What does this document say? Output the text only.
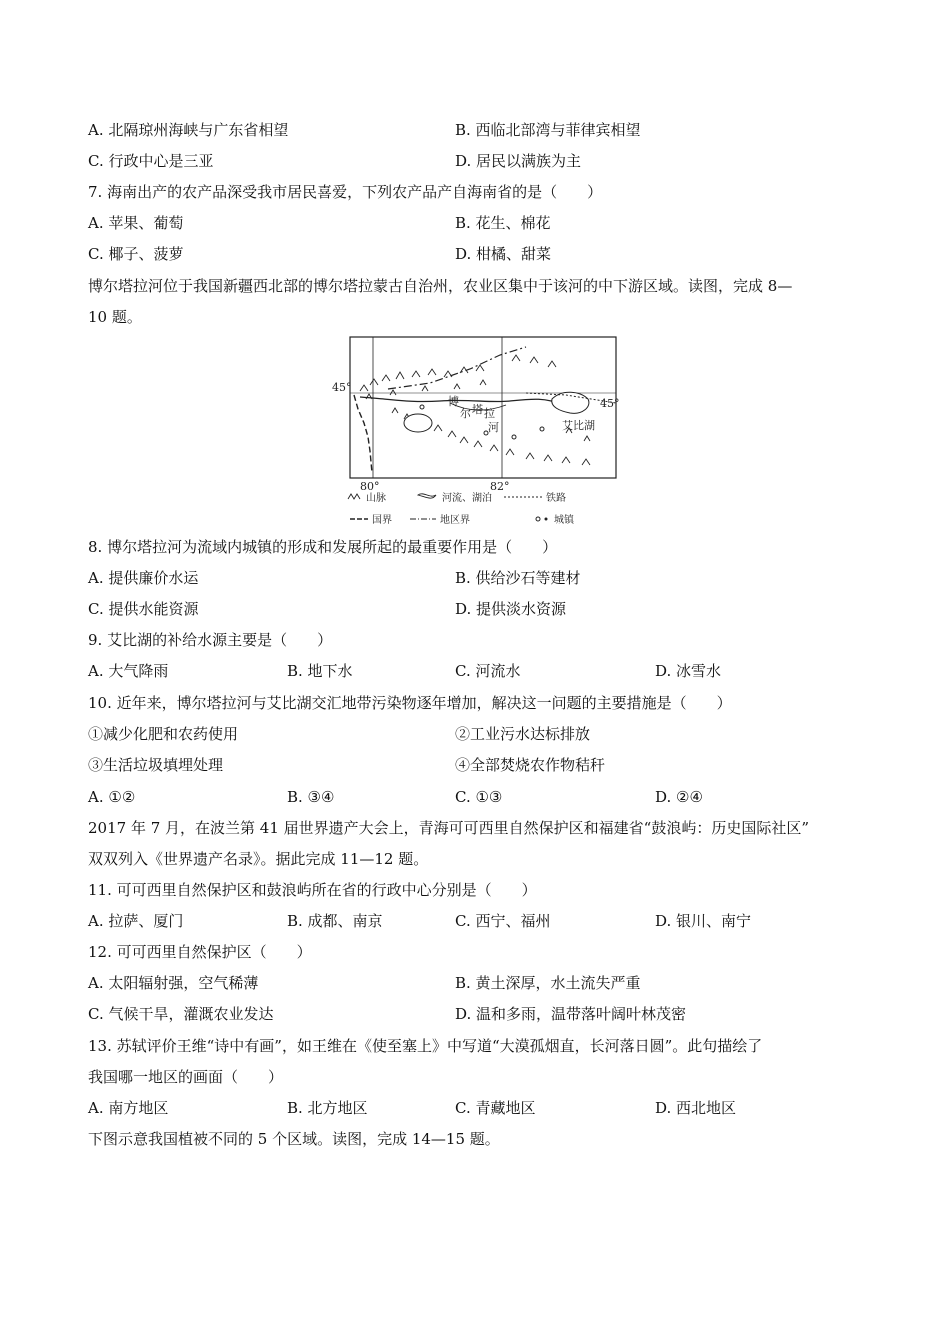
A. 北隔琼州海峡与广东省相望	B. 西临北部湾与菲律宾相望
C. 行政中心是三亚	D. 居民以满族为主
7. 海南出产的农产品深受我市居民喜爱，下列农产品产自海南省的是（　　）
A. 苹果、葡萄	B. 花生、棉花
C. 椰子、菠萝	D. 柑橘、甜菜
博尔塔拉河位于我国新疆西北部的博尔塔拉蒙古自治州，农业区集中于该河的中下游区域。读图，完成 8—
10 题。
45°
45°
80°	82°
博
尔 塔 拉
河	艾比湖
山脉	河流、湖泊	铁路
国界	地区界	城镇
8. 博尔塔拉河为流域内城镇的形成和发展所起的最重要作用是（　　）
A. 提供廉价水运	B. 供给沙石等建材
C. 提供水能资源	D. 提供淡水资源
9. 艾比湖的补给水源主要是（　　）
A. 大气降雨	B. 地下水	C. 河流水	D. 冰雪水
10. 近年来，博尔塔拉河与艾比湖交汇地带污染物逐年增加，解决这一问题的主要措施是（　　）
①减少化肥和农药使用	②工业污水达标排放
③生活垃圾填埋处理	④全部焚烧农作物秸秆
A. ①②	B. ③④	C. ①③	D. ②④
2017 年 7 月，在波兰第 41 届世界遗产大会上，青海可可西里自然保护区和福建省“鼓浪屿：历史国际社区”
双双列入《世界遗产名录》。据此完成 11—12 题。
11. 可可西里自然保护区和鼓浪屿所在省的行政中心分别是（　　）
A. 拉萨、厦门	B. 成都、南京	C. 西宁、福州	D. 银川、南宁
12. 可可西里自然保护区（　　）
A. 太阳辐射强，空气稀薄	B. 黄土深厚，水土流失严重
C. 气候干旱，灌溉农业发达	D. 温和多雨，温带落叶阔叶林茂密
13. 苏轼评价王维“诗中有画”，如王维在《使至塞上》中写道“大漠孤烟直，长河落日圆”。此句描绘了
我国哪一地区的画面（　　）
A. 南方地区	B. 北方地区	C. 青藏地区	D. 西北地区
下图示意我国植被不同的 5 个区域。读图，完成 14—15 题。
